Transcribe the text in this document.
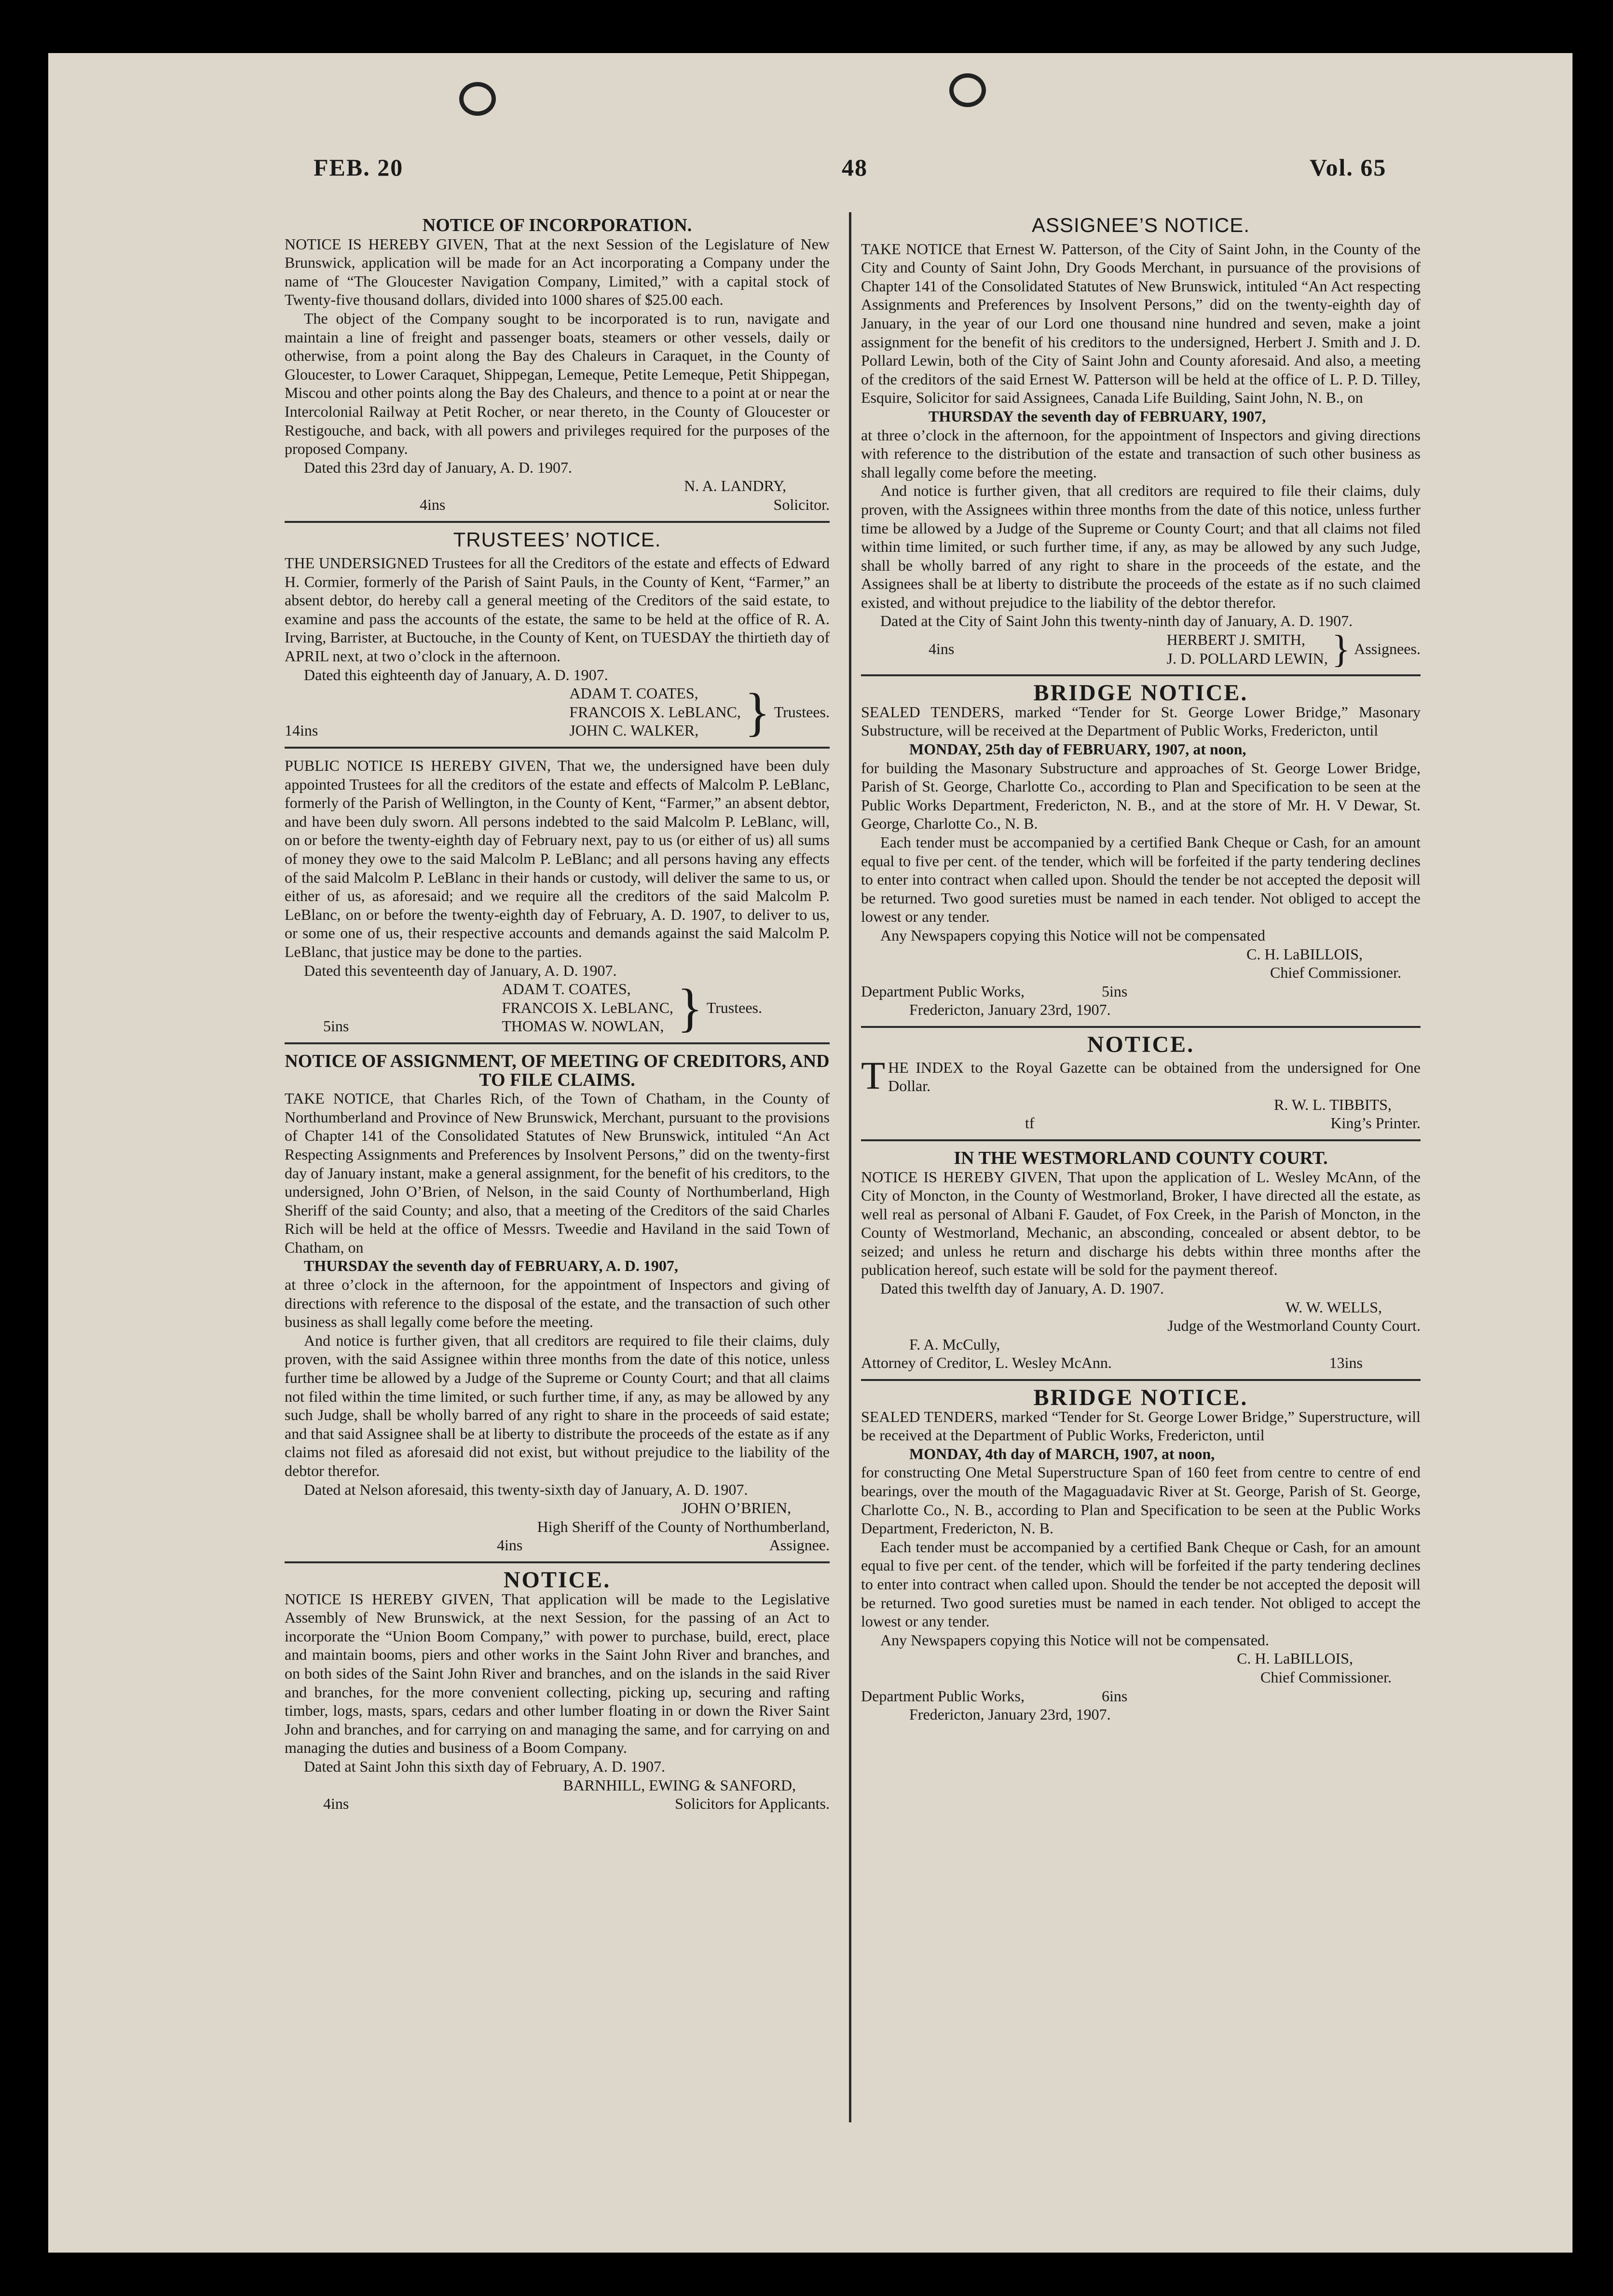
FEB. 20	48	Vol. 65

NOTICE OF INCORPORATION.

NOTICE IS HEREBY GIVEN, That at the next Session of the Legislature of New Brunswick, application will be made for an Act incorporating a Company under the name of “The Gloucester Navigation Company, Limited,” with a capital stock of Twenty-five thousand dollars, divided into 1000 shares of $25.00 each.

The object of the Company sought to be incorporated is to run, navigate and maintain a line of freight and passenger boats, steamers or other vessels, daily or otherwise, from a point along the Bay des Chaleurs in Caraquet, in the County of Gloucester, to Lower Caraquet, Shippegan, Lemeque, Petite Lemeque, Petit Shippegan, Miscou and other points along the Bay des Chaleurs, and thence to a point at or near the Intercolonial Railway at Petit Rocher, or near thereto, in the County of Gloucester or Restigouche, and back, with all powers and privileges required for the purposes of the proposed Company.

Dated this 23rd day of January, A. D. 1907.

N. A. LANDRY,

4ins	Solicitor.

TRUSTEES’ NOTICE.

THE UNDERSIGNED Trustees for all the Creditors of the estate and effects of Edward H. Cormier, formerly of the Parish of Saint Pauls, in the County of Kent, “Farmer,” an absent debtor, do hereby call a general meeting of the Creditors of the said estate, to examine and pass the accounts of the estate, the same to be held at the office of R. A. Irving, Barrister, at Buctouche, in the County of Kent, on TUESDAY the thirtieth day of APRIL next, at two o’clock in the afternoon.

Dated this eighteenth day of January, A. D. 1907.

14ins
ADAM T. COATES,
FRANCOIS X. LeBLANC,
JOHN C. WALKER, } Trustees.

PUBLIC NOTICE IS HEREBY GIVEN, That we, the undersigned have been duly appointed Trustees for all the creditors of the estate and effects of Malcolm P. LeBlanc, formerly of the Parish of Wellington, in the County of Kent, “Farmer,” an absent debtor, and have been duly sworn. All persons indebted to the said Malcolm P. LeBlanc, will, on or before the twenty-eighth day of February next, pay to us (or either of us) all sums of money they owe to the said Malcolm P. LeBlanc; and all persons having any effects of the said Malcolm P. LeBlanc in their hands or custody, will deliver the same to us, or either of us, as aforesaid; and we require all the creditors of the said Malcolm P. LeBlanc, on or before the twenty-eighth day of February, A. D. 1907, to deliver to us, or some one of us, their respective accounts and demands against the said Malcolm P. LeBlanc, that justice may be done to the parties.

Dated this seventeenth day of January, A. D. 1907.

5ins
ADAM T. COATES,
FRANCOIS X. LeBLANC,
THOMAS W. NOWLAN, } Trustees.

NOTICE OF ASSIGNMENT, OF MEETING OF CREDITORS, AND TO FILE CLAIMS.

TAKE NOTICE, that Charles Rich, of the Town of Chatham, in the County of Northumberland and Province of New Brunswick, Merchant, pursuant to the provisions of Chapter 141 of the Consolidated Statutes of New Brunswick, intituled “An Act Respecting Assignments and Preferences by Insolvent Persons,” did on the twenty-first day of January instant, make a general assignment, for the benefit of his creditors, to the undersigned, John O’Brien, of Nelson, in the said County of Northumberland, High Sheriff of the said County; and also, that a meeting of the Creditors of the said Charles Rich will be held at the office of Messrs. Tweedie and Haviland in the said Town of Chatham, on

THURSDAY the seventh day of FEBRUARY, A. D. 1907,

at three o’clock in the afternoon, for the appointment of Inspectors and giving of directions with reference to the disposal of the estate, and the transaction of such other business as shall legally come before the meeting.

And notice is further given, that all creditors are required to file their claims, duly proven, with the said Assignee within three months from the date of this notice, unless further time be allowed by a Judge of the Supreme or County Court; and that all claims not filed within the time limited, or such further time, if any, as may be allowed by any such Judge, shall be wholly barred of any right to share in the proceeds of said estate; and that said Assignee shall be at liberty to distribute the proceeds of the estate as if any claims not filed as aforesaid did not exist, but without prejudice to the liability of the debtor therefor.

Dated at Nelson aforesaid, this twenty-sixth day of January, A. D. 1907.

JOHN O’BRIEN,

High Sheriff of the County of Northumberland,

4ins	Assignee.

NOTICE.

NOTICE IS HEREBY GIVEN, That application will be made to the Legislative Assembly of New Brunswick, at the next Session, for the passing of an Act to incorporate the “Union Boom Company,” with power to purchase, build, erect, place and maintain booms, piers and other works in the Saint John River and branches, and on both sides of the Saint John River and branches, and on the islands in the said River and branches, for the more convenient collecting, picking up, securing and rafting timber, logs, masts, spars, cedars and other lumber floating in or down the River Saint John and branches, and for carrying on and managing the same, and for carrying on and managing the duties and business of a Boom Company.

Dated at Saint John this sixth day of February, A. D. 1907.

BARNHILL, EWING & SANFORD,

4ins	Solicitors for Applicants.

ASSIGNEE’S NOTICE.

TAKE NOTICE that Ernest W. Patterson, of the City of Saint John, in the County of the City and County of Saint John, Dry Goods Merchant, in pursuance of the provisions of Chapter 141 of the Consolidated Statutes of New Brunswick, intituled “An Act respecting Assignments and Preferences by Insolvent Persons,” did on the twenty-eighth day of January, in the year of our Lord one thousand nine hundred and seven, make a joint assignment for the benefit of his creditors to the undersigned, Herbert J. Smith and J. D. Pollard Lewin, both of the City of Saint John and County aforesaid. And also, a meeting of the creditors of the said Ernest W. Patterson will be held at the office of L. P. D. Tilley, Esquire, Solicitor for said Assignees, Canada Life Building, Saint John, N. B., on

THURSDAY the seventh day of FEBRUARY, 1907,

at three o’clock in the afternoon, for the appointment of Inspectors and giving directions with reference to the distribution of the estate and transaction of such other business as shall legally come before the meeting.

And notice is further given, that all creditors are required to file their claims, duly proven, with the Assignees within three months from the date of this notice, unless further time be allowed by a Judge of the Supreme or County Court; and that all claims not filed within time limited, or such further time, if any, as may be allowed by any such Judge, shall be wholly barred of any right to share in the proceeds of the estate, and the Assignees shall be at liberty to distribute the proceeds of the estate as if no such claimed existed, and without prejudice to the liability of the debtor therefor.

Dated at the City of Saint John this twenty-ninth day of January, A. D. 1907.

4ins
HERBERT J. SMITH,
J. D. POLLARD LEWIN, } Assignees.

BRIDGE NOTICE.

SEALED TENDERS, marked “Tender for St. George Lower Bridge,” Masonary Substructure, will be received at the Department of Public Works, Fredericton, until

MONDAY, 25th day of FEBRUARY, 1907, at noon,

for building the Masonary Substructure and approaches of St. George Lower Bridge, Parish of St. George, Charlotte Co., according to Plan and Specification to be seen at the Public Works Department, Fredericton, N. B., and at the store of Mr. H. V Dewar, St. George, Charlotte Co., N. B.

Each tender must be accompanied by a certified Bank Cheque or Cash, for an amount equal to five per cent. of the tender, which will be forfeited if the party tendering declines to enter into contract when called upon. Should the tender be not accepted the deposit will be returned. Two good sureties must be named in each tender. Not obliged to accept the lowest or any tender.

Any Newspapers copying this Notice will not be compensated

C. H. LaBILLOIS,

Chief Commissioner.

Department Public Works,	5ins

Fredericton, January 23rd, 1907.

NOTICE.

THE INDEX to the Royal Gazette can be obtained from the undersigned for One Dollar.

R. W. L. TIBBITS,

tf	King’s Printer.

IN THE WESTMORLAND COUNTY COURT.

NOTICE IS HEREBY GIVEN, That upon the application of L. Wesley McAnn, of the City of Moncton, in the County of Westmorland, Broker, I have directed all the estate, as well real as personal of Albani F. Gaudet, of Fox Creek, in the Parish of Moncton, in the County of Westmorland, Mechanic, an absconding, concealed or absent debtor, to be seized; and unless he return and discharge his debts within three months after the publication hereof, such estate will be sold for the payment thereof.

Dated this twelfth day of January, A. D. 1907.

W. W. WELLS,

Judge of the Westmorland County Court.

F. A. McCully,

Attorney of Creditor, L. Wesley McAnn.	13ins

BRIDGE NOTICE.

SEALED TENDERS, marked “Tender for St. George Lower Bridge,” Superstructure, will be received at the Department of Public Works, Fredericton, until

MONDAY, 4th day of MARCH, 1907, at noon,

for constructing One Metal Superstructure Span of 160 feet from centre to centre of end bearings, over the mouth of the Magaguadavic River at St. George, Parish of St. George, Charlotte Co., N. B., according to Plan and Specification to be seen at the Public Works Department, Fredericton, N. B.

Each tender must be accompanied by a certified Bank Cheque or Cash, for an amount equal to five per cent. of the tender, which will be forfeited if the party tendering declines to enter into contract when called upon. Should the tender be not accepted the deposit will be returned. Two good sureties must be named in each tender. Not obliged to accept the lowest or any tender.

Any Newspapers copying this Notice will not be compensated.

C. H. LaBILLOIS,

Chief Commissioner.

Department Public Works,	6ins

Fredericton, January 23rd, 1907.
